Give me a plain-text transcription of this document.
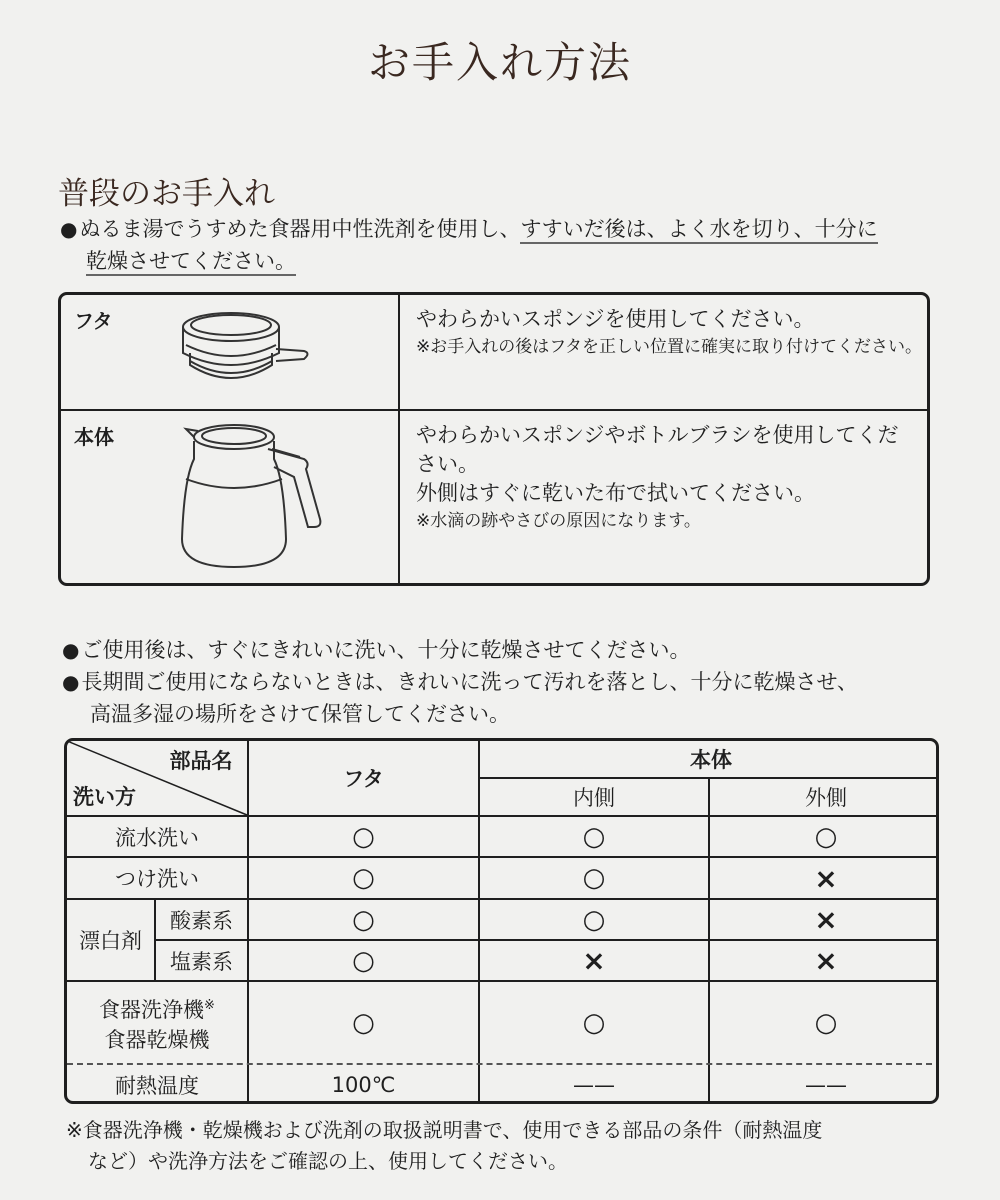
お手入れ方法
普段のお手入れ
●ぬるま湯でうすめた食器用中性洗剤を使用し、すすいだ後は、よく水を切り、十分に
乾燥させてください。
フタ	やわらかいスポンジを使用してください。
※お手入れの後はフタを正しい位置に確実に取り付けてください。
本体	やわらかいスポンジやボトルブラシを使用してください。
外側はすぐに乾いた布で拭いてください。
※水滴の跡やさびの原因になります。

●ご使用後は、すぐにきれいに洗い、十分に乾燥させてください。

●長期間ご使用にならないときは、きれいに洗って汚れを落とし、十分に乾燥させ、

高温多湿の場所をさけて保管してください。

部品名
洗い方
フタ
本体
内側	外側
流水洗い	○	○	○
つけ洗い	○	○	×
漂白剤
酸素系	○	○	×
塩素系	○	×	×
食器洗浄機※
食器乾燥機
○	○	○
耐熱温度	100℃	——	——
※食器洗浄機・乾燥機および洗剤の取扱説明書で、使用できる部品の条件（耐熱温度
など）や洗浄方法をご確認の上、使用してください。
